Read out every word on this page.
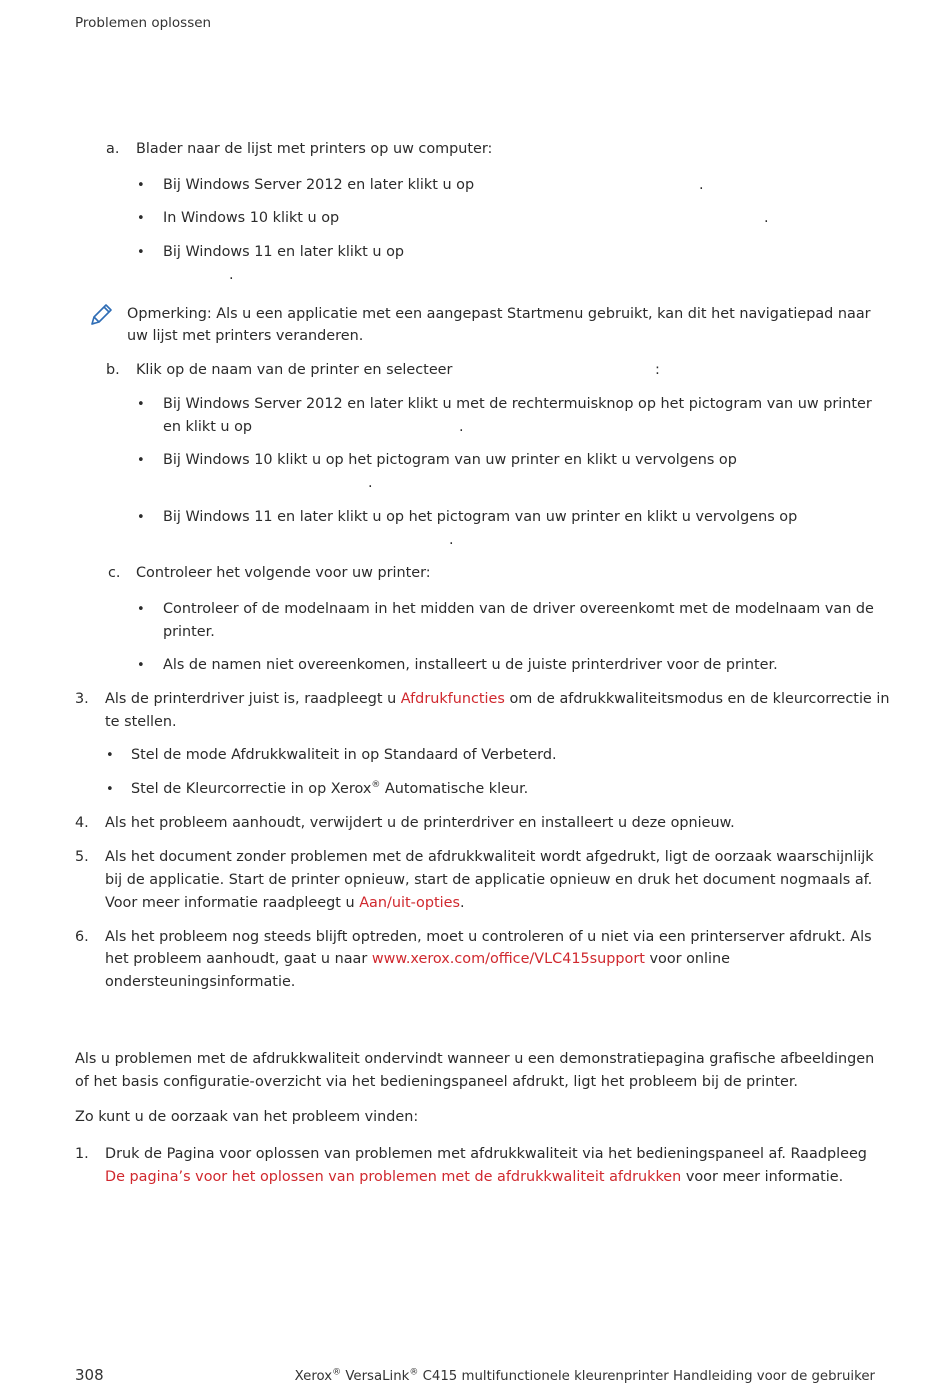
Problemen oplossen
a. Blader naar de lijst met printers op uw computer:
• Bij Windows Server 2012 en later klikt u op	.
• In Windows 10 klikt u op	.
• Bij Windows 11 en later klikt u op
.
Opmerking: Als u een applicatie met een aangepast Startmenu gebruikt, kan dit het navigatiepad naar
uw lijst met printers veranderen.
b. Klik op de naam van de printer en selecteer	:
• Bij Windows Server 2012 en later klikt u met de rechtermuisknop op het pictogram van uw printer
en klikt u op	.
• Bij Windows 10 klikt u op het pictogram van uw printer en klikt u vervolgens op
.
• Bij Windows 11 en later klikt u op het pictogram van uw printer en klikt u vervolgens op
.
c. Controleer het volgende voor uw printer:
• Controleer of de modelnaam in het midden van de driver overeenkomt met de modelnaam van de
printer.
• Als de namen niet overeenkomen, installeert u de juiste printerdriver voor de printer.
3. Als de printerdriver juist is, raadpleegt u Afdrukfuncties om de afdrukkwaliteitsmodus en de kleurcorrectie in
te stellen.
• Stel de mode Afdrukkwaliteit in op Standaard of Verbeterd.
• Stel de Kleurcorrectie in op Xerox® Automatische kleur.
4. Als het probleem aanhoudt, verwijdert u de printerdriver en installeert u deze opnieuw.
5. Als het document zonder problemen met de afdrukkwaliteit wordt afgedrukt, ligt de oorzaak waarschijnlijk
bij de applicatie. Start de printer opnieuw, start de applicatie opnieuw en druk het document nogmaals af.
Voor meer informatie raadpleegt u Aan/uit-opties.
6. Als het probleem nog steeds blijft optreden, moet u controleren of u niet via een printerserver afdrukt. Als
het probleem aanhoudt, gaat u naar www.xerox.com/office/VLC415support voor online
ondersteuningsinformatie.
Als u problemen met de afdrukkwaliteit ondervindt wanneer u een demonstratiepagina grafische afbeeldingen
of het basis configuratie-overzicht via het bedieningspaneel afdrukt, ligt het probleem bij de printer.
Zo kunt u de oorzaak van het probleem vinden:
1. Druk de Pagina voor oplossen van problemen met afdrukkwaliteit via het bedieningspaneel af. Raadpleeg
De pagina’s voor het oplossen van problemen met de afdrukkwaliteit afdrukken voor meer informatie.
308	Xerox® VersaLink® C415 multifunctionele kleurenprinter Handleiding voor de gebruiker
